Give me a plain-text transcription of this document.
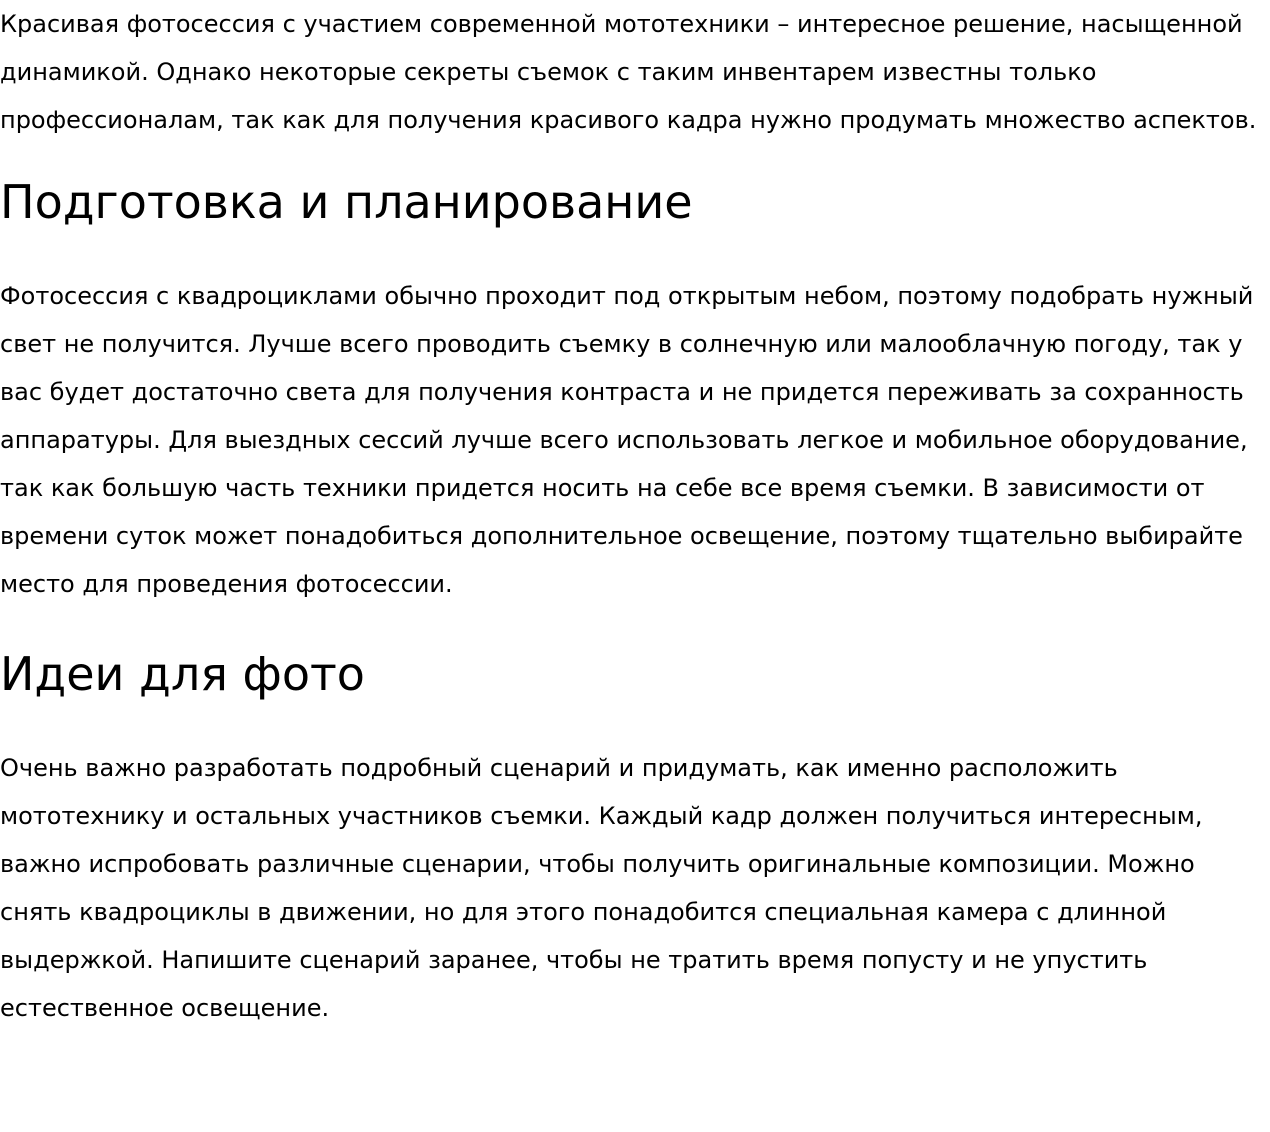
Красивая фотосессия с участием современной мототехники – интересное решение, насыщенной динамикой. Однако некоторые секреты съемок с таким инвентарем известны только профессионалам, так как для получения красивого кадра нужно продумать множество аспектов.

Подготовка и планирование

Фотосессия с квадроциклами обычно проходит под открытым небом, поэтому подобрать нужный свет не получится. Лучше всего проводить съемку в солнечную или малооблачную погоду, так у вас будет достаточно света для получения контраста и не придется переживать за сохранность аппаратуры. Для выездных сессий лучше всего использовать легкое и мобильное оборудование, так как большую часть техники придется носить на себе все время съемки. В зависимости от времени суток может понадобиться дополнительное освещение, поэтому тщательно выбирайте место для проведения фотосессии.

Идеи для фото

Очень важно разработать подробный сценарий и придумать, как именно расположить мототехнику и остальных участников съемки. Каждый кадр должен получиться интересным, важно испробовать различные сценарии, чтобы получить оригинальные композиции. Можно снять квадроциклы в движении, но для этого понадобится специальная камера с длинной выдержкой. Напишите сценарий заранее, чтобы не тратить время попусту и не упустить естественное освещение.
